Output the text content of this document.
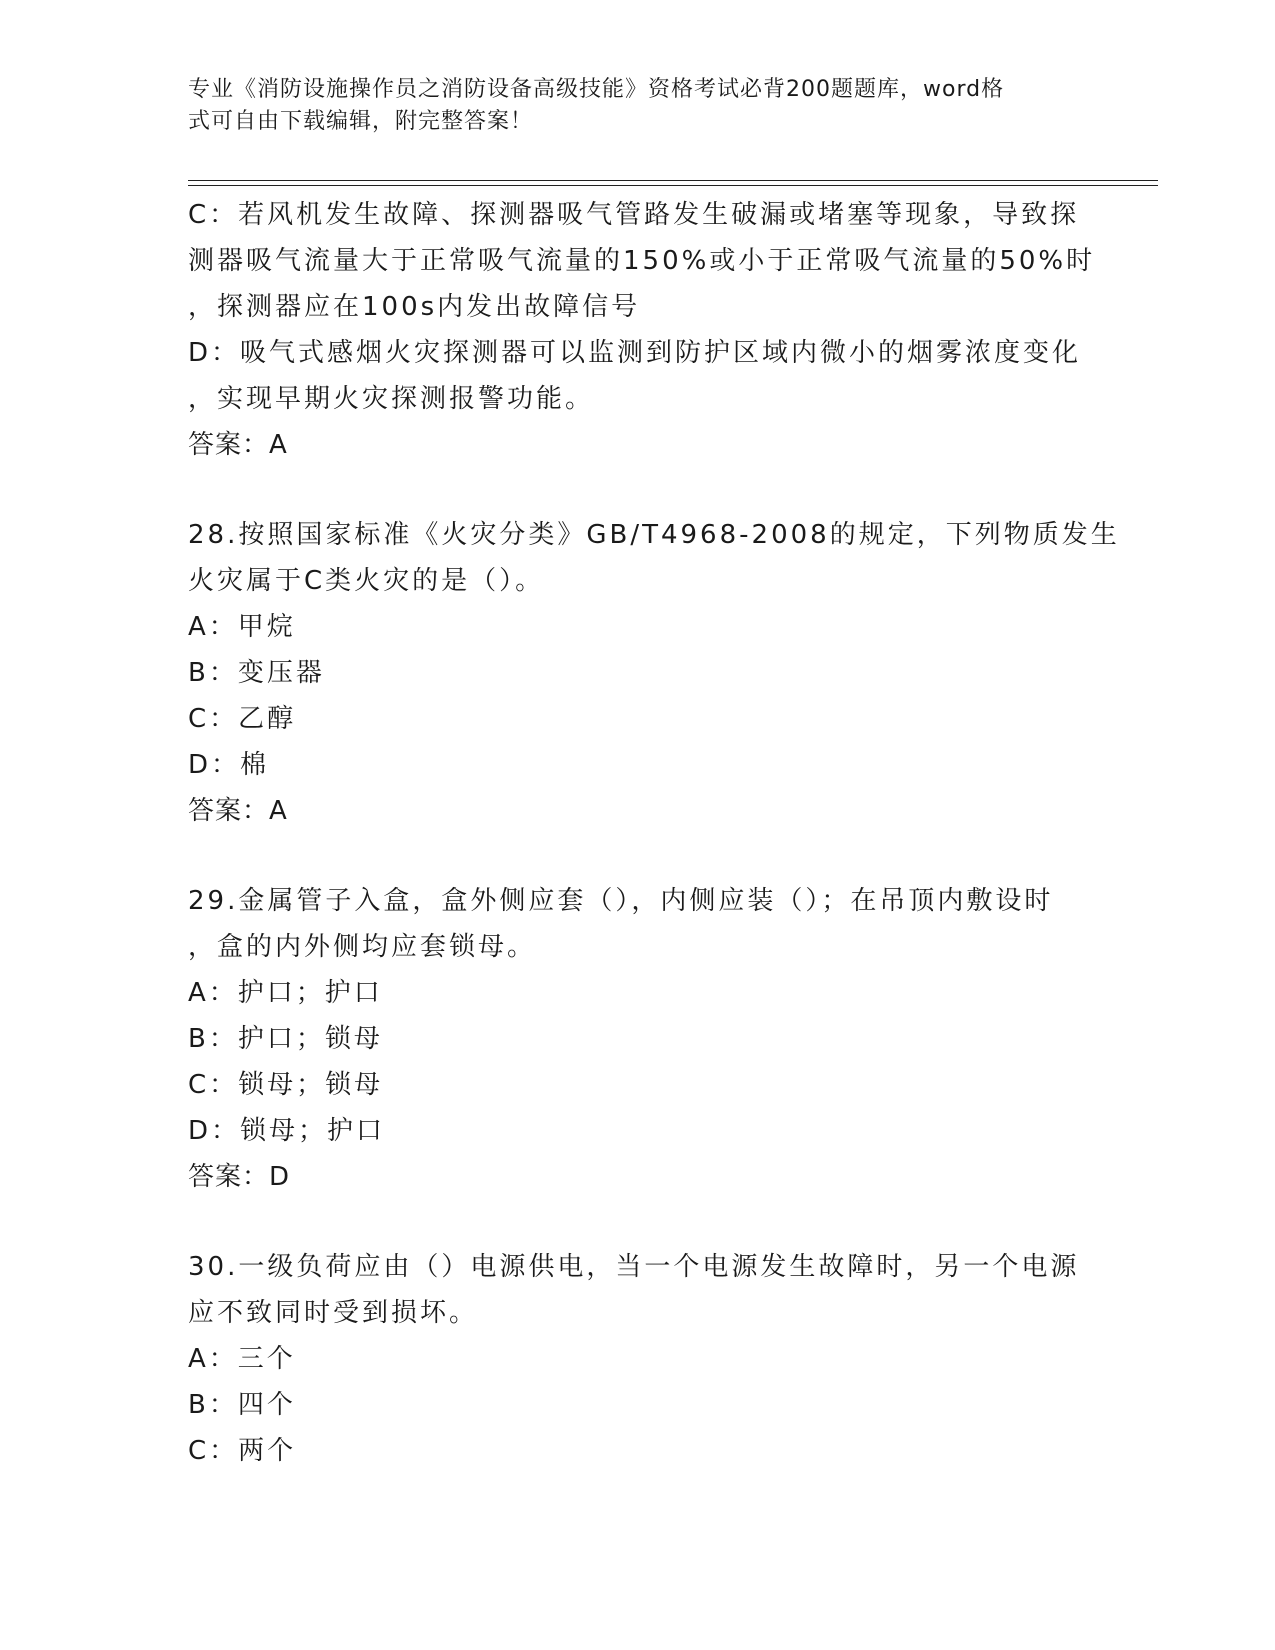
专业《消防设施操作员之消防设备高级技能》资格考试必背200题题库，word格
式可自由下载编辑，附完整答案！
C：若风机发生故障、探测器吸气管路发生破漏或堵塞等现象，导致探
测器吸气流量大于正常吸气流量的150%或小于正常吸气流量的50%时
，探测器应在100s内发出故障信号
D：吸气式感烟火灾探测器可以监测到防护区域内微小的烟雾浓度变化
，实现早期火灾探测报警功能。
答案：A
28.按照国家标准《火灾分类》GB/T4968-2008的规定，下列物质发生
火灾属于C类火灾的是（）。
A：甲烷
B：变压器
C：乙醇
D：棉
答案：A
29.金属管子入盒，盒外侧应套（），内侧应装（）；在吊顶内敷设时
，盒的内外侧均应套锁母。
A：护口；护口
B：护口；锁母
C：锁母；锁母
D：锁母；护口
答案：D
30.一级负荷应由（）电源供电，当一个电源发生故障时，另一个电源
应不致同时受到损坏。
A：三个
B：四个
C：两个
